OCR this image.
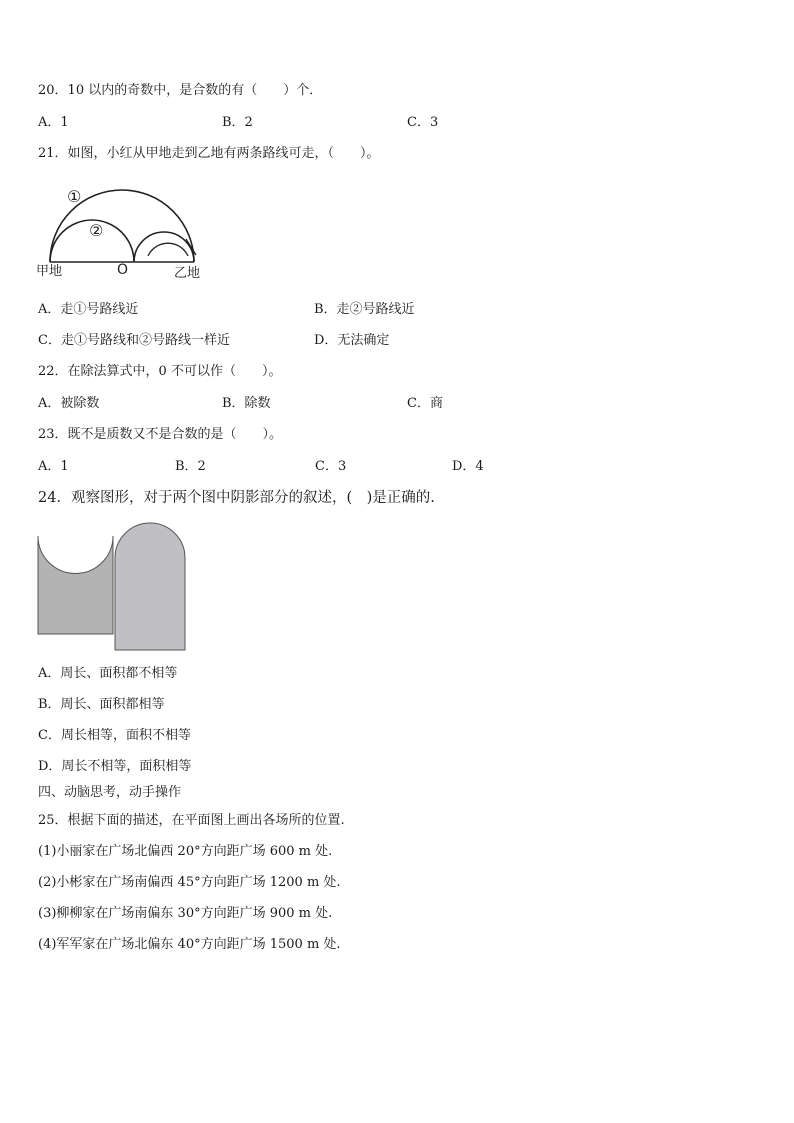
20．10 以内的奇数中，是合数的有（　　）个．
A．1	B．2	C．3
21．如图，小红从甲地走到乙地有两条路线可走，（　　）。
①
②
甲地	O	乙地
A．走①号路线近	B．走②号路线近
C．走①号路线和②号路线一样近	D．无法确定
22．在除法算式中，0 不可以作（　　）。
A．被除数	B．除数	C．商
23．既不是质数又不是合数的是（　　）。
A．1	B．2	C．3	D．4
24．观察图形，对于两个图中阴影部分的叙述，(　)是正确的.
A．周长、面积都不相等
B．周长、面积都相等
C．周长相等，面积不相等
D．周长不相等，面积相等
四、动脑思考，动手操作
25．根据下面的描述，在平面图上画出各场所的位置.
(1)小丽家在广场北偏西 20°方向距广场 600 m 处.
(2)小彬家在广场南偏西 45°方向距广场 1200 m 处.
(3)柳柳家在广场南偏东 30°方向距广场 900 m 处.
(4)军军家在广场北偏东 40°方向距广场 1500 m 处.
